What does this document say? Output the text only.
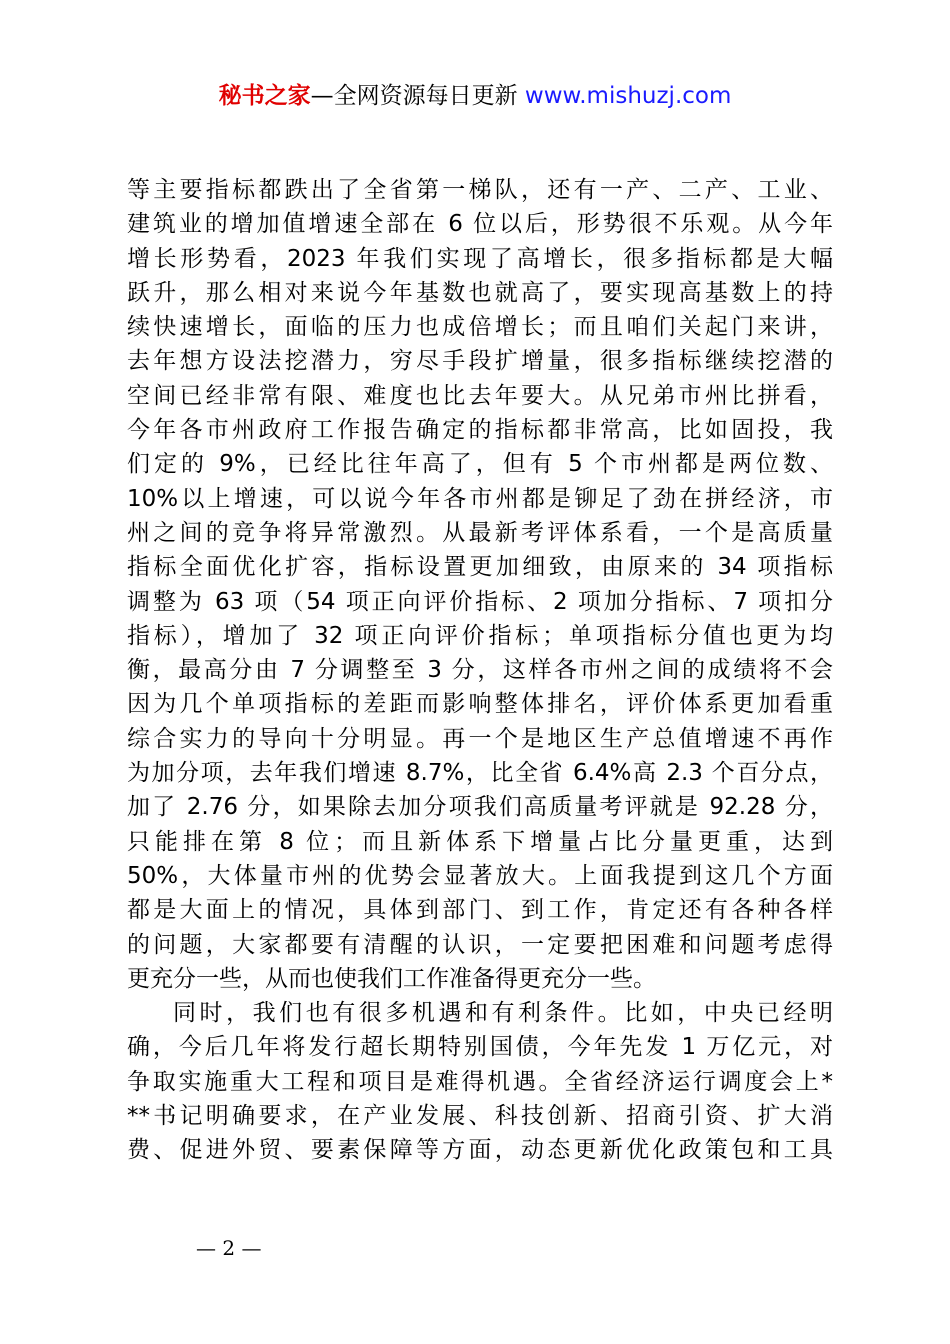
秘书之家—全网资源每日更新 www.mishuzj.com
等主要指标都跌出了全省第一梯队，还有一产、二产、工业、
建筑业的增加值增速全部在 6 位以后，形势很不乐观。从今年
增长形势看，2023 年我们实现了高增长，很多指标都是大幅
跃升，那么相对来说今年基数也就高了，要实现高基数上的持
续快速增长，面临的压力也成倍增长；而且咱们关起门来讲，
去年想方设法挖潜力，穷尽手段扩增量，很多指标继续挖潜的
空间已经非常有限、难度也比去年要大。从兄弟市州比拼看，
今年各市州政府工作报告确定的指标都非常高，比如固投，我
们定的 9%，已经比往年高了，但有 5 个市州都是两位数、
10%以上增速，可以说今年各市州都是铆足了劲在拼经济，市
州之间的竞争将异常激烈。从最新考评体系看，一个是高质量
指标全面优化扩容，指标设置更加细致，由原来的 34 项指标
调整为 63 项（54 项正向评价指标、2 项加分指标、7 项扣分
指标），增加了 32 项正向评价指标；单项指标分值也更为均
衡，最高分由 7 分调整至 3 分，这样各市州之间的成绩将不会
因为几个单项指标的差距而影响整体排名，评价体系更加看重
综合实力的导向十分明显。再一个是地区生产总值增速不再作
为加分项，去年我们增速 8.7%，比全省 6.4%高 2.3 个百分点，
加了 2.76 分，如果除去加分项我们高质量考评就是 92.28 分，
只能排在第 8 位；而且新体系下增量占比分量更重，达到
50%，大体量市州的优势会显著放大。上面我提到这几个方面
都是大面上的情况，具体到部门、到工作，肯定还有各种各样
的问题，大家都要有清醒的认识，一定要把困难和问题考虑得
更充分一些，从而也使我们工作准备得更充分一些。
同时，我们也有很多机遇和有利条件。比如，中央已经明
确，今后几年将发行超长期特别国债，今年先发 1 万亿元，对
争取实施重大工程和项目是难得机遇。全省经济运行调度会上*
**书记明确要求，在产业发展、科技创新、招商引资、扩大消
费、促进外贸、要素保障等方面，动态更新优化政策包和工具
— 2 —
